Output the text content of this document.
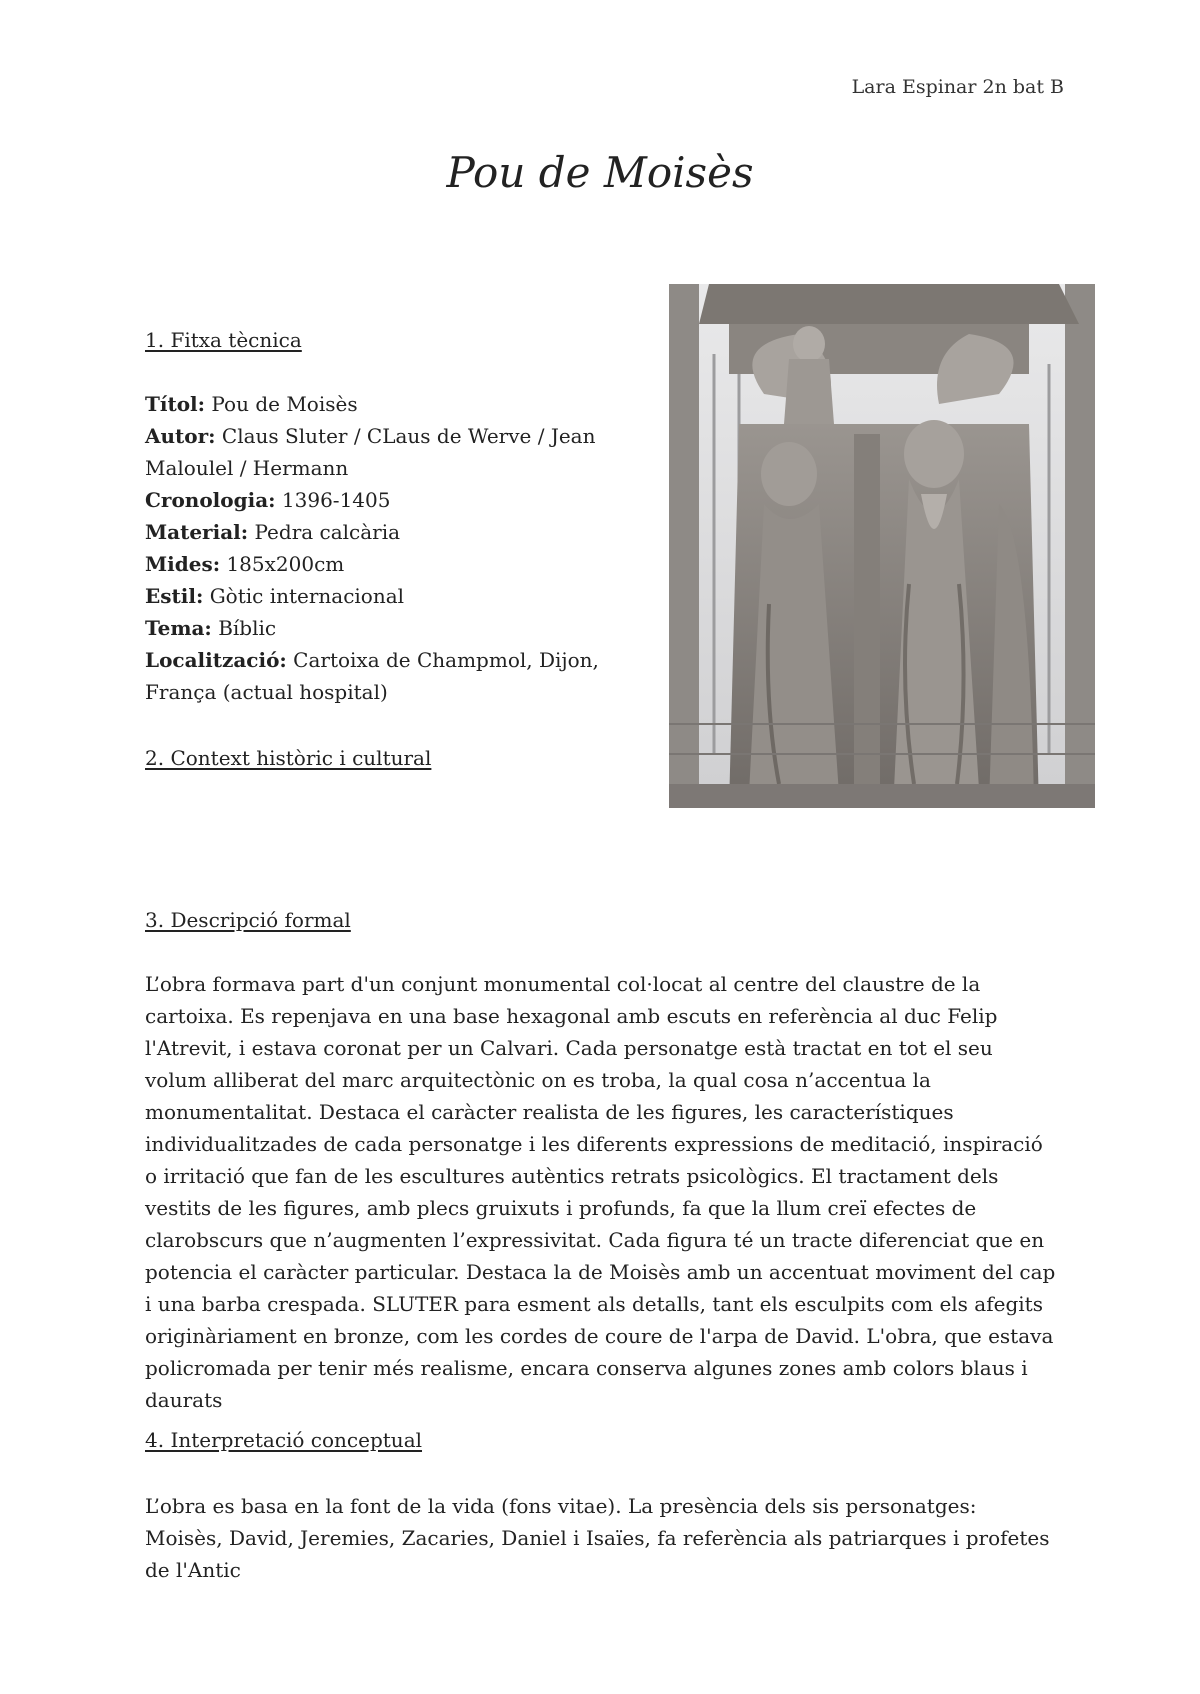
Lara Espinar 2n bat B
Pou de Moisès
1. Fitxa tècnica
Títol: Pou de Moisès
Autor: Claus Sluter / CLaus de Werve / Jean Maloulel / Hermann
Cronologia: 1396-1405
Material: Pedra calcària
Mides: 185x200cm
Estil: Gòtic internacional
Tema: Bíblic
Localització: Cartoixa de Champmol, Dijon, França (actual hospital)
2. Context històric i cultural
3. Descripció formal
L’obra formava part d'un conjunt monumental col·locat al centre del claustre de la cartoixa. Es repenjava en una base hexagonal amb escuts en referència al duc Felip l'Atrevit, i estava coronat per un Calvari. Cada personatge està tractat en tot el seu volum alliberat del marc arquitectònic on es troba, la qual cosa n’accentua la monumentalitat. Destaca el caràcter realista de les figures, les característiques individualitzades de cada personatge i les diferents expressions de meditació, inspiració o irritació que fan de les escultures autèntics retrats psicològics. El tractament dels vestits de les figures, amb plecs gruixuts i profunds, fa que la llum creï efectes de clarobscurs que n’augmenten l’expressivitat. Cada figura té un tracte diferenciat que en potencia el caràcter particular. Destaca la de Moisès amb un accentuat moviment del cap i una barba crespada. SLUTER para esment als detalls, tant els esculpits com els afegits originàriament en bronze, com les cordes de coure de l'arpa de David. L'obra, que estava policromada per tenir més realisme, encara conserva algunes zones amb colors blaus i daurats
4. Interpretació conceptual
L’obra es basa en la font de la vida (fons vitae). La presència dels sis personatges: Moisès, David, Jeremies, Zacaries, Daniel i Isaïes, fa referència als patriarques i profetes de l'Antic
